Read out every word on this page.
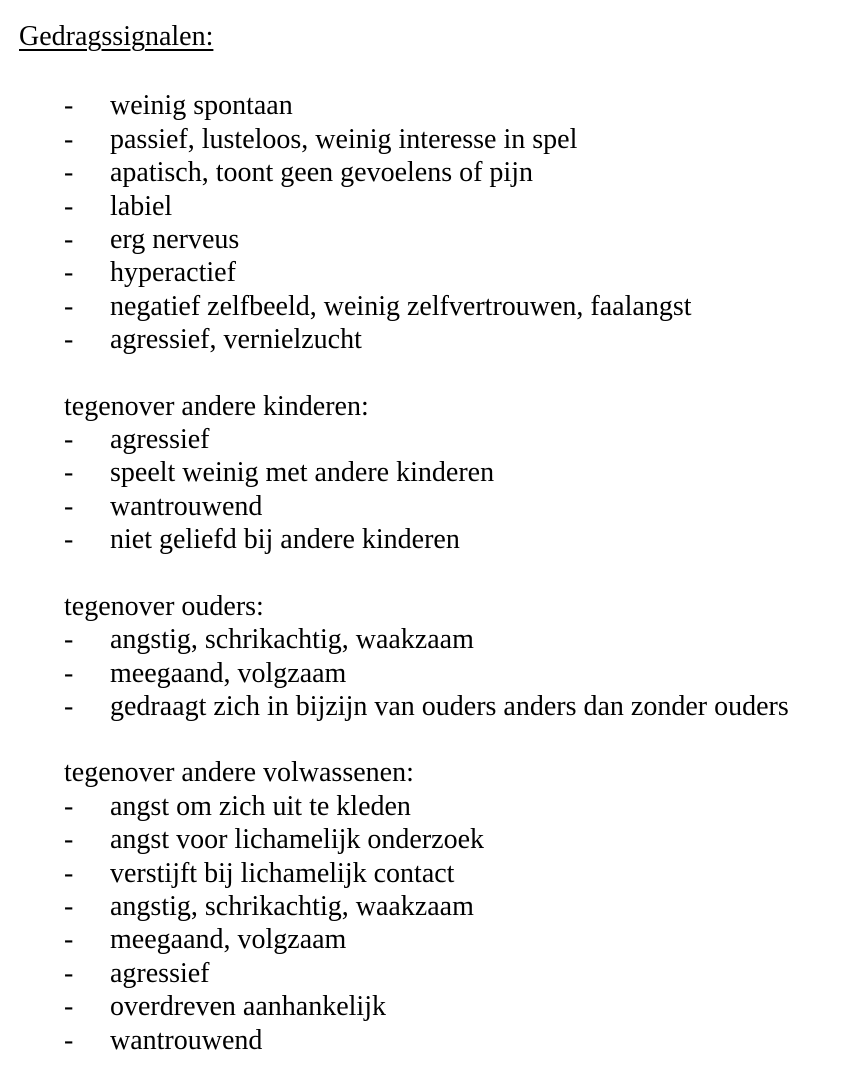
Gedragssignalen:
-	weinig spontaan
-	passief, lusteloos, weinig interesse in spel
-	apatisch, toont geen gevoelens of pijn
-	labiel
-	erg nerveus
-	hyperactief
-	negatief zelfbeeld, weinig zelfvertrouwen, faalangst
-	agressief, vernielzucht
tegenover andere kinderen:
-	agressief
-	speelt weinig met andere kinderen
-	wantrouwend
-	niet geliefd bij andere kinderen
tegenover ouders:
-	angstig, schrikachtig, waakzaam
-	meegaand, volgzaam
-	gedraagt zich in bijzijn van ouders anders dan zonder ouders
tegenover andere volwassenen:
-	angst om zich uit te kleden
-	angst voor lichamelijk onderzoek
-	verstijft bij lichamelijk contact
-	angstig, schrikachtig, waakzaam
-	meegaand, volgzaam
-	agressief
-	overdreven aanhankelijk
-	wantrouwend
